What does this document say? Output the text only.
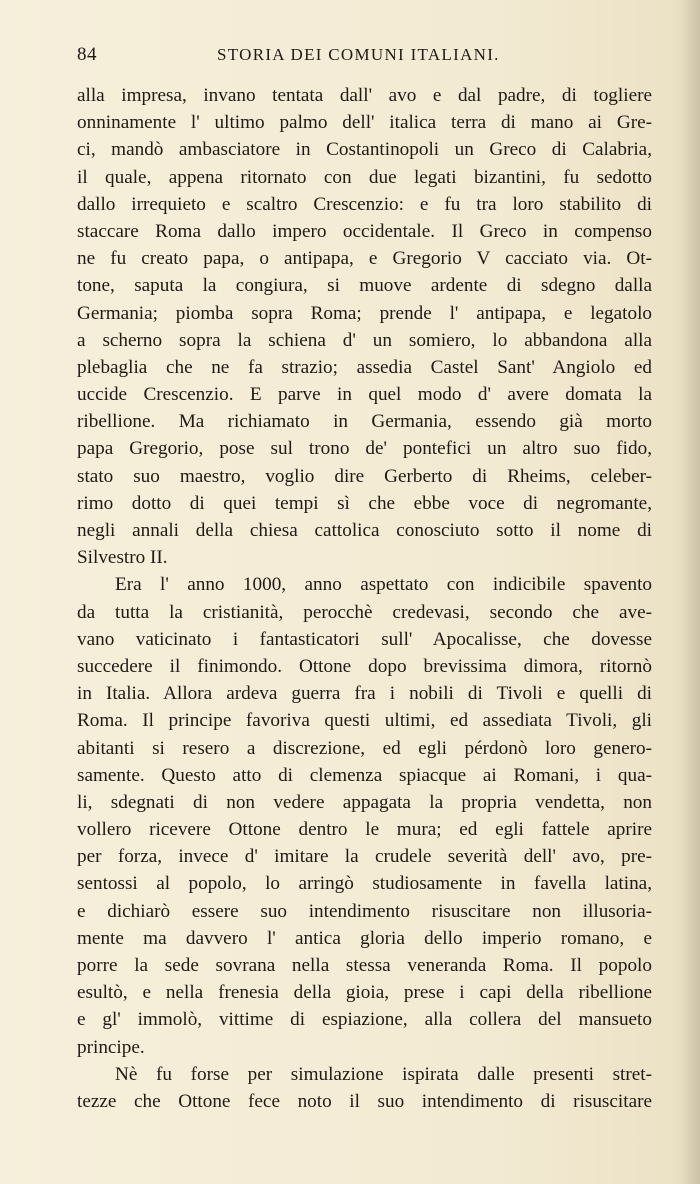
84	STORIA DEI COMUNI ITALIANI.
alla impresa, invano tentata dall' avo e dal padre, di togliere
onninamente l' ultimo palmo dell' italica terra di mano ai Gre-
ci, mandò ambasciatore in Costantinopoli un Greco di Calabria,
il quale, appena ritornato con due legati bizantini, fu sedotto
dallo irrequieto e scaltro Crescenzio: e fu tra loro stabilito di
staccare Roma dallo impero occidentale. Il Greco in compenso
ne fu creato papa, o antipapa, e Gregorio V cacciato via. Ot-
tone, saputa la congiura, si muove ardente di sdegno dalla
Germania; piomba sopra Roma; prende l' antipapa, e legatolo
a scherno sopra la schiena d' un somiero, lo abbandona alla
plebaglia che ne fa strazio; assedia Castel Sant' Angiolo ed
uccide Crescenzio. E parve in quel modo d' avere domata la
ribellione. Ma richiamato in Germania, essendo già morto
papa Gregorio, pose sul trono de' pontefici un altro suo fido,
stato suo maestro, voglio dire Gerberto di Rheims, celeber-
rimo dotto di quei tempi sì che ebbe voce di negromante,
negli annali della chiesa cattolica conosciuto sotto il nome di
Silvestro II.
Era l' anno 1000, anno aspettato con indicibile spavento
da tutta la cristianità, perocchè credevasi, secondo che ave-
vano vaticinato i fantasticatori sull' Apocalisse, che dovesse
succedere il finimondo. Ottone dopo brevissima dimora, ritornò
in Italia. Allora ardeva guerra fra i nobili di Tivoli e quelli di
Roma. Il principe favoriva questi ultimi, ed assediata Tivoli, gli
abitanti si resero a discrezione, ed egli pérdonò loro genero-
samente. Questo atto di clemenza spiacque ai Romani, i qua-
li, sdegnati di non vedere appagata la propria vendetta, non
vollero ricevere Ottone dentro le mura; ed egli fattele aprire
per forza, invece d' imitare la crudele severità dell' avo, pre-
sentossi al popolo, lo arringò studiosamente in favella latina,
e dichiarò essere suo intendimento risuscitare non illusoria-
mente ma davvero l' antica gloria dello imperio romano, e
porre la sede sovrana nella stessa veneranda Roma. Il popolo
esultò, e nella frenesia della gioia, prese i capi della ribellione
e gl' immolò, vittime di espiazione, alla collera del mansueto
principe.
Nè fu forse per simulazione ispirata dalle presenti stret-
tezze che Ottone fece noto il suo intendimento di risuscitare
